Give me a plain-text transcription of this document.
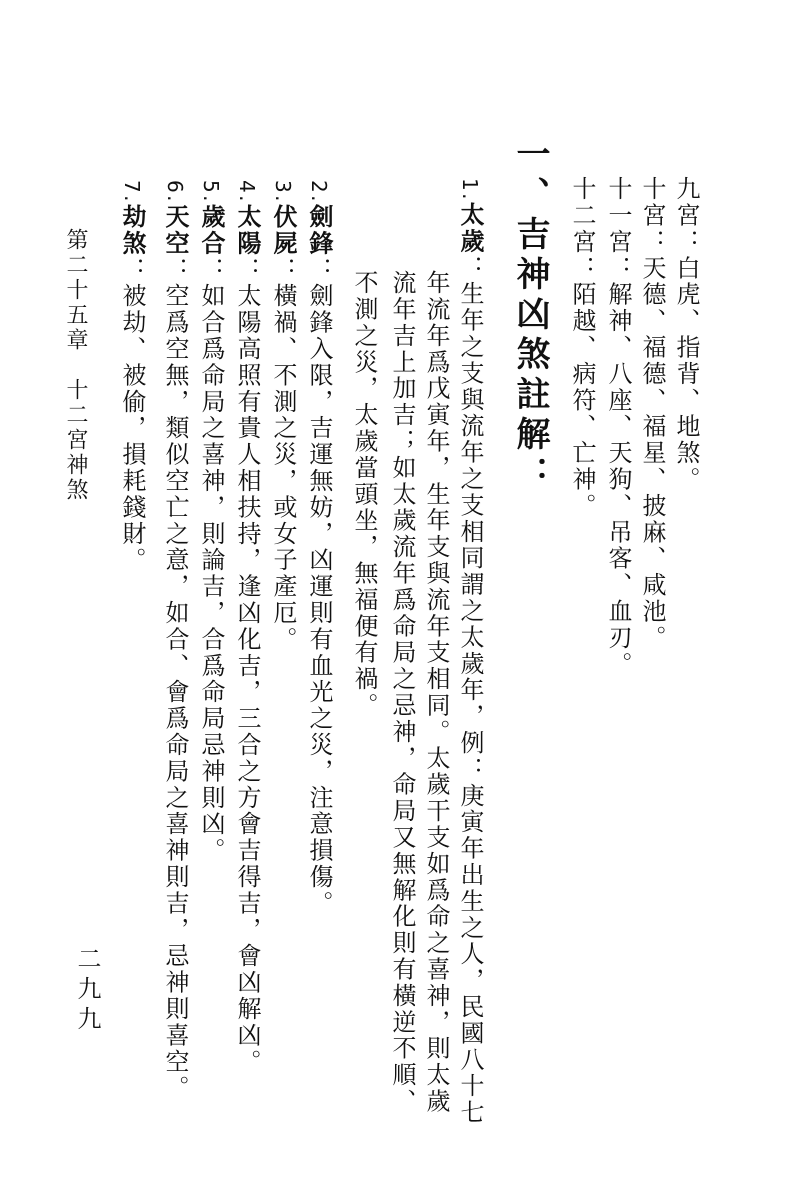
九宮：白虎、指背、地煞。
十宮：天德、福德、福星、披麻、咸池。
十一宮：解神、八座、天狗、吊客、血刃。
十二宮：陌越、病符、亡神。
一、吉神凶煞註解：
1.太歲：生年之支與流年之支相同謂之太歲年，例：庚寅年出生之人，民國八十七
年流年爲戊寅年，生年支與流年支相同。太歲干支如爲命之喜神，則太歲
流年吉上加吉；如太歲流年爲命局之忌神，命局又無解化則有橫逆不順、
不測之災，太歲當頭坐，無福便有禍。
2.劍鋒：劍鋒入限，吉運無妨，凶運則有血光之災，注意損傷。
3.伏屍：橫禍、不測之災，或女子產厄。
4.太陽：太陽高照有貴人相扶持，逢凶化吉，三合之方會吉得吉，會凶解凶。
5.歲合：如合爲命局之喜神，則論吉，合爲命局忌神則凶。
6.天空：空爲空無，類似空亡之意，如合、會爲命局之喜神則吉，忌神則喜空。
7.劫煞：被劫、被偷，損耗錢財。
第二十五章　十二宮神煞
二九九
